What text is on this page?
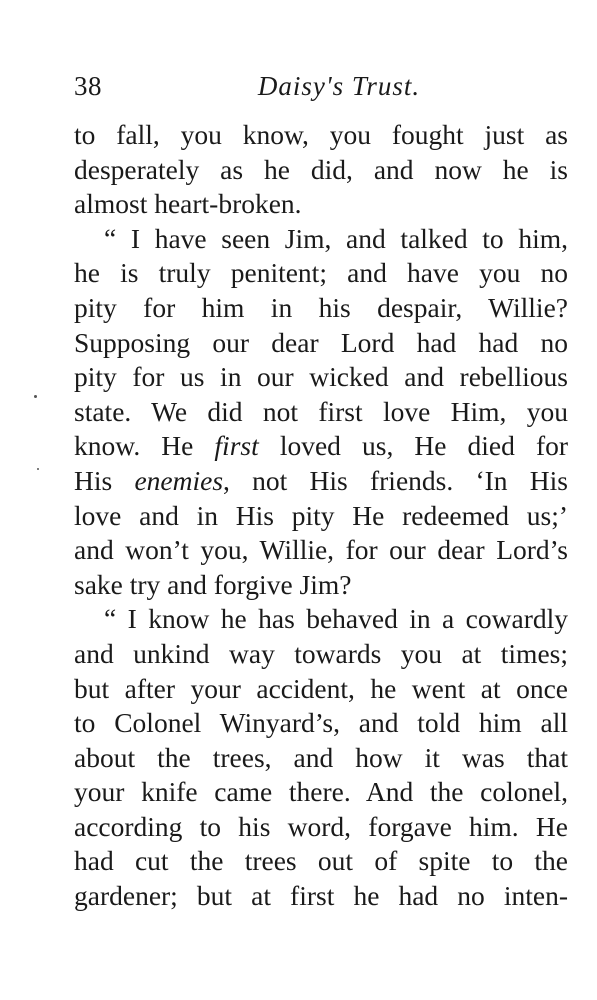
38	Daisy's Trust.
to fall, you know, you fought just as
desperately as he did, and now he is
almost heart-broken.
“ I have seen Jim, and talked to him,
he is truly penitent; and have you no
pity for him in his despair, Willie?
Supposing our dear Lord had had no
pity for us in our wicked and rebellious
state. We did not first love Him, you
know. He first loved us, He died for
His enemies, not His friends. ‘In His
love and in His pity He redeemed us;’
and won’t you, Willie, for our dear Lord’s
sake try and forgive Jim?
“ I know he has behaved in a cowardly
and unkind way towards you at times;
but after your accident, he went at once
to Colonel Winyard’s, and told him all
about the trees, and how it was that
your knife came there. And the colonel,
according to his word, forgave him. He
had cut the trees out of spite to the
gardener; but at first he had no inten-
